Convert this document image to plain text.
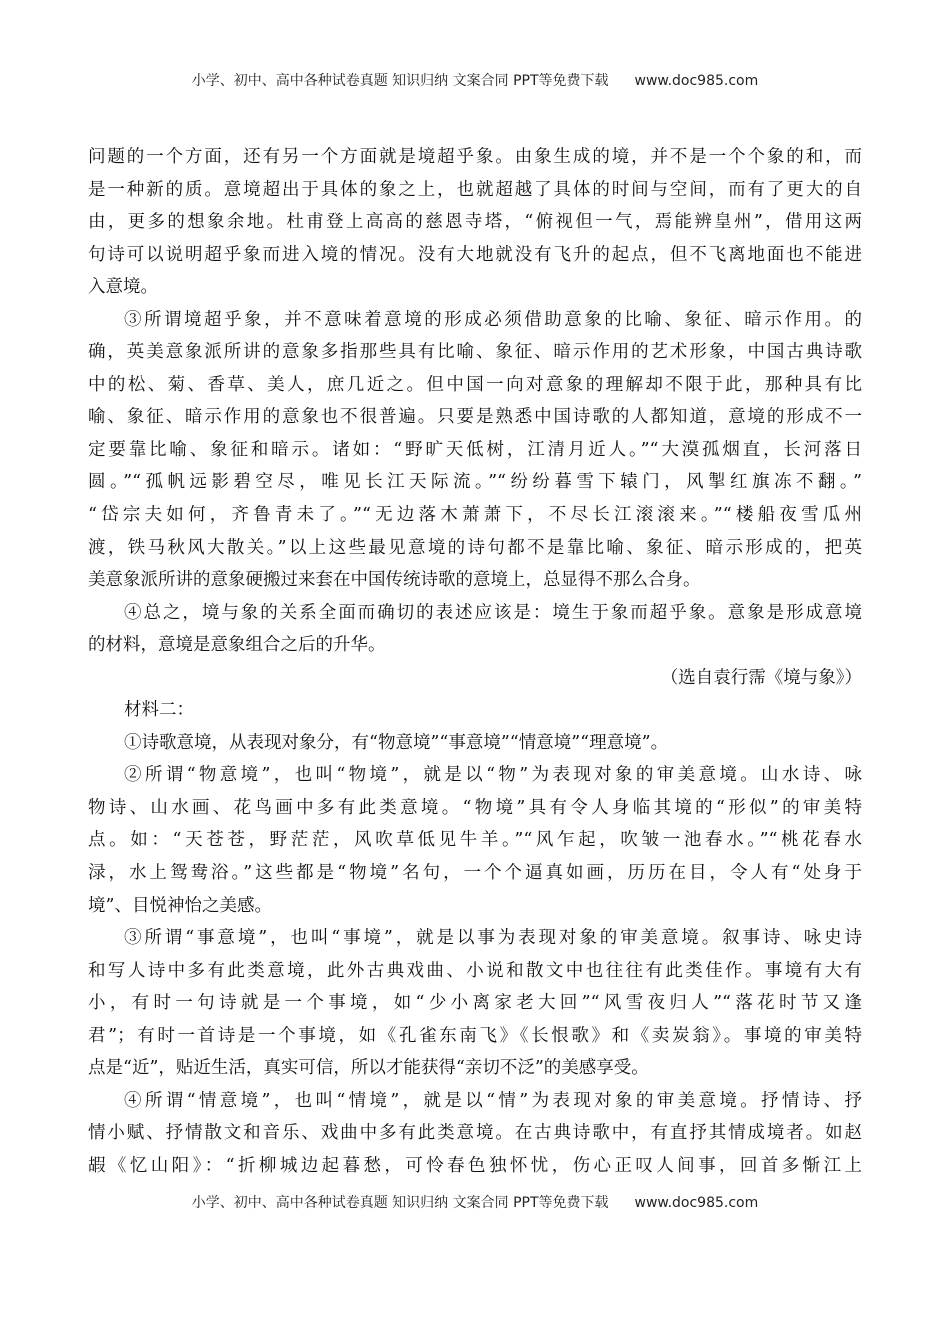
小学、初中、高中各种试卷真题 知识归纳 文案合同 PPT等免费下载 www.doc985.com
问题的一个方面，还有另一个方面就是境超乎象。由象生成的境，并不是一个个象的和，而
是一种新的质。意境超出于具体的象之上，也就超越了具体的时间与空间，而有了更大的自
由，更多的想象余地。杜甫登上高高的慈恩寺塔，“俯视但一气，焉能辨皇州”，借用这两
句诗可以说明超乎象而进入境的情况。没有大地就没有飞升的起点，但不飞离地面也不能进
入意境。
③所谓境超乎象，并不意味着意境的形成必须借助意象的比喻、象征、暗示作用。的
确，英美意象派所讲的意象多指那些具有比喻、象征、暗示作用的艺术形象，中国古典诗歌
中的松、菊、香草、美人，庶几近之。但中国一向对意象的理解却不限于此，那种具有比
喻、象征、暗示作用的意象也不很普遍。只要是熟悉中国诗歌的人都知道，意境的形成不一
定要靠比喻、象征和暗示。诸如：“野旷天低树，江清月近人。”“大漠孤烟直，长河落日
圆。”“孤帆远影碧空尽，唯见长江天际流。”“纷纷暮雪下辕门，风掣红旗冻不翻。”
“岱宗夫如何，齐鲁青未了。”“无边落木萧萧下，不尽长江滚滚来。”“楼船夜雪瓜州
渡，铁马秋风大散关。”以上这些最见意境的诗句都不是靠比喻、象征、暗示形成的，把英
美意象派所讲的意象硬搬过来套在中国传统诗歌的意境上，总显得不那么合身。
④总之，境与象的关系全面而确切的表述应该是：境生于象而超乎象。意象是形成意境
的材料，意境是意象组合之后的升华。
（选自袁行霈《境与象》）
材料二：
①诗歌意境，从表现对象分，有“物意境”“事意境”“情意境”“理意境”。
②所谓“物意境”，也叫“物境”，就是以“物”为表现对象的审美意境。山水诗、咏
物诗、山水画、花鸟画中多有此类意境。“物境”具有令人身临其境的“形似”的审美特
点。如：“天苍苍，野茫茫，风吹草低见牛羊。”“风乍起，吹皱一池春水。”“桃花春水
渌，水上鸳鸯浴。”这些都是“物境”名句，一个个逼真如画，历历在目，令人有“处身于
境”、目悦神怡之美感。
③所谓“事意境”，也叫“事境”，就是以事为表现对象的审美意境。叙事诗、咏史诗
和写人诗中多有此类意境，此外古典戏曲、小说和散文中也往往有此类佳作。事境有大有
小，有时一句诗就是一个事境，如“少小离家老大回”“风雪夜归人”“落花时节又逢
君”；有时一首诗是一个事境，如《孔雀东南飞》《长恨歌》和《卖炭翁》。事境的审美特
点是“近”，贴近生活，真实可信，所以才能获得“亲切不泛”的美感享受。
④所谓“情意境”，也叫“情境”，就是以“情”为表现对象的审美意境。抒情诗、抒
情小赋、抒情散文和音乐、戏曲中多有此类意境。在古典诗歌中，有直抒其情成境者。如赵
嘏《忆山阳》：“折柳城边起暮愁，可怜春色独怀忧，伤心正叹人间事，回首多惭江上
小学、初中、高中各种试卷真题 知识归纳 文案合同 PPT等免费下载 www.doc985.com
